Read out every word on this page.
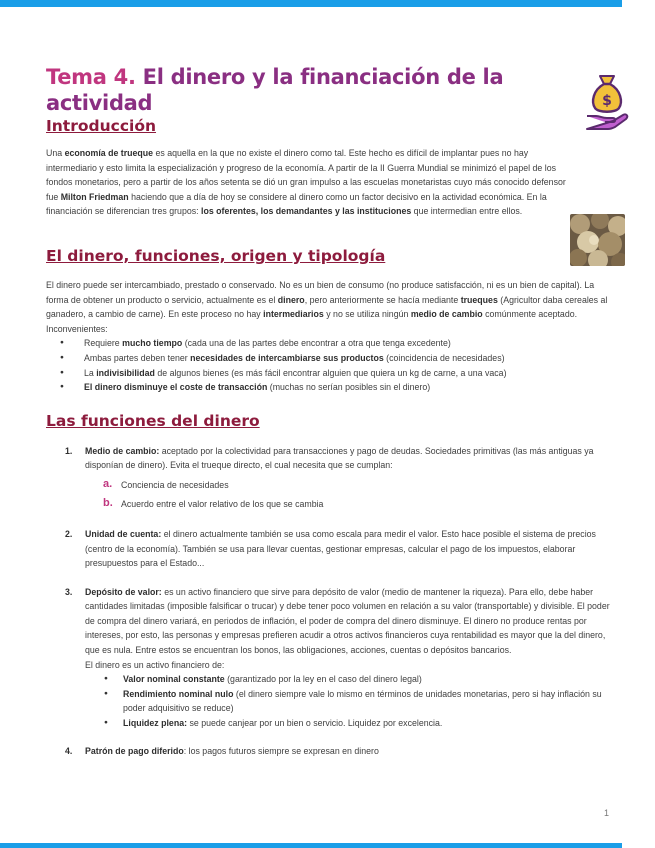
$
Tema 4. El dinero y la financiación de la actividad
Introducción

Una economía de trueque es aquella en la que no existe el dinero como tal. Este hecho es difícil de implantar pues no hay intermediario y esto limita la especialización y progreso de la economía. A partir de la II Guerra Mundial se minimizó el papel de los fondos monetarios, pero a partir de los años setenta se dió un gran impulso a las escuelas monetaristas cuyo más conocido defensor fue Milton Friedman haciendo que a día de hoy se considere al dinero como un factor decisivo en la actividad económica. En la financiación se diferencian tres grupos: los oferentes, los demandantes y las instituciones que intermedian entre ellos.

El dinero, funciones, origen y tipología

El dinero puede ser intercambiado, prestado o conservado. No es un bien de consumo (no produce satisfacción, ni es un bien de capital). La forma de obtener un producto o servicio, actualmente es el dinero, pero anteriormente se hacía mediante trueques (Agricultor daba cereales al ganadero, a cambio de carne). En este proceso no hay intermediarios y no se utiliza ningún medio de cambio comúnmente aceptado. Inconvenientes:

● Requiere mucho tiempo (cada una de las partes debe encontrar a otra que tenga excedente)
● Ambas partes deben tener necesidades de intercambiarse sus productos (coincidencia de necesidades)
● La indivisibilidad de algunos bienes (es más fácil encontrar alguien que quiera un kg de carne, a una vaca)
● El dinero disminuye el coste de transacción (muchas no serían posibles sin el dinero)
Las funciones del dinero
1. Medio de cambio: aceptado por la colectividad para transacciones y pago de deudas. Sociedades primitivas (las más antiguas ya disponían de dinero). Evita el trueque directo, el cual necesita que se cumplan:
a. Conciencia de necesidades
b. Acuerdo entre el valor relativo de los que se cambia
2. Unidad de cuenta: el dinero actualmente también se usa como escala para medir el valor. Esto hace posible el sistema de precios (centro de la economía). También se usa para llevar cuentas, gestionar empresas, calcular el pago de los impuestos, elaborar presupuestos para el Estado...
3. Depósito de valor: es un activo financiero que sirve para depósito de valor (medio de mantener la riqueza). Para ello, debe haber cantidades limitadas (imposible falsificar o trucar) y debe tener poco volumen en relación a su valor (transportable) y divisible. El poder de compra del dinero variará, en periodos de inflación, el poder de compra del dinero disminuye. El dinero no produce rentas por intereses, por esto, las personas y empresas prefieren acudir a otros activos financieros cuya rentabilidad es mayor que la del dinero, que es nula. Entre estos se encuentran los bonos, las obligaciones, acciones, cuentas o depósitos bancarios.
El dinero es un activo financiero de:
● Valor nominal constante (garantizado por la ley en el caso del dinero legal)
● Rendimiento nominal nulo (el dinero siempre vale lo mismo en términos de unidades monetarias, pero si hay inflación su poder adquisitivo se reduce)
● Liquidez plena: se puede canjear por un bien o servicio. Liquidez por excelencia.
4. Patrón de pago diferido: los pagos futuros siempre se expresan en dinero
1
